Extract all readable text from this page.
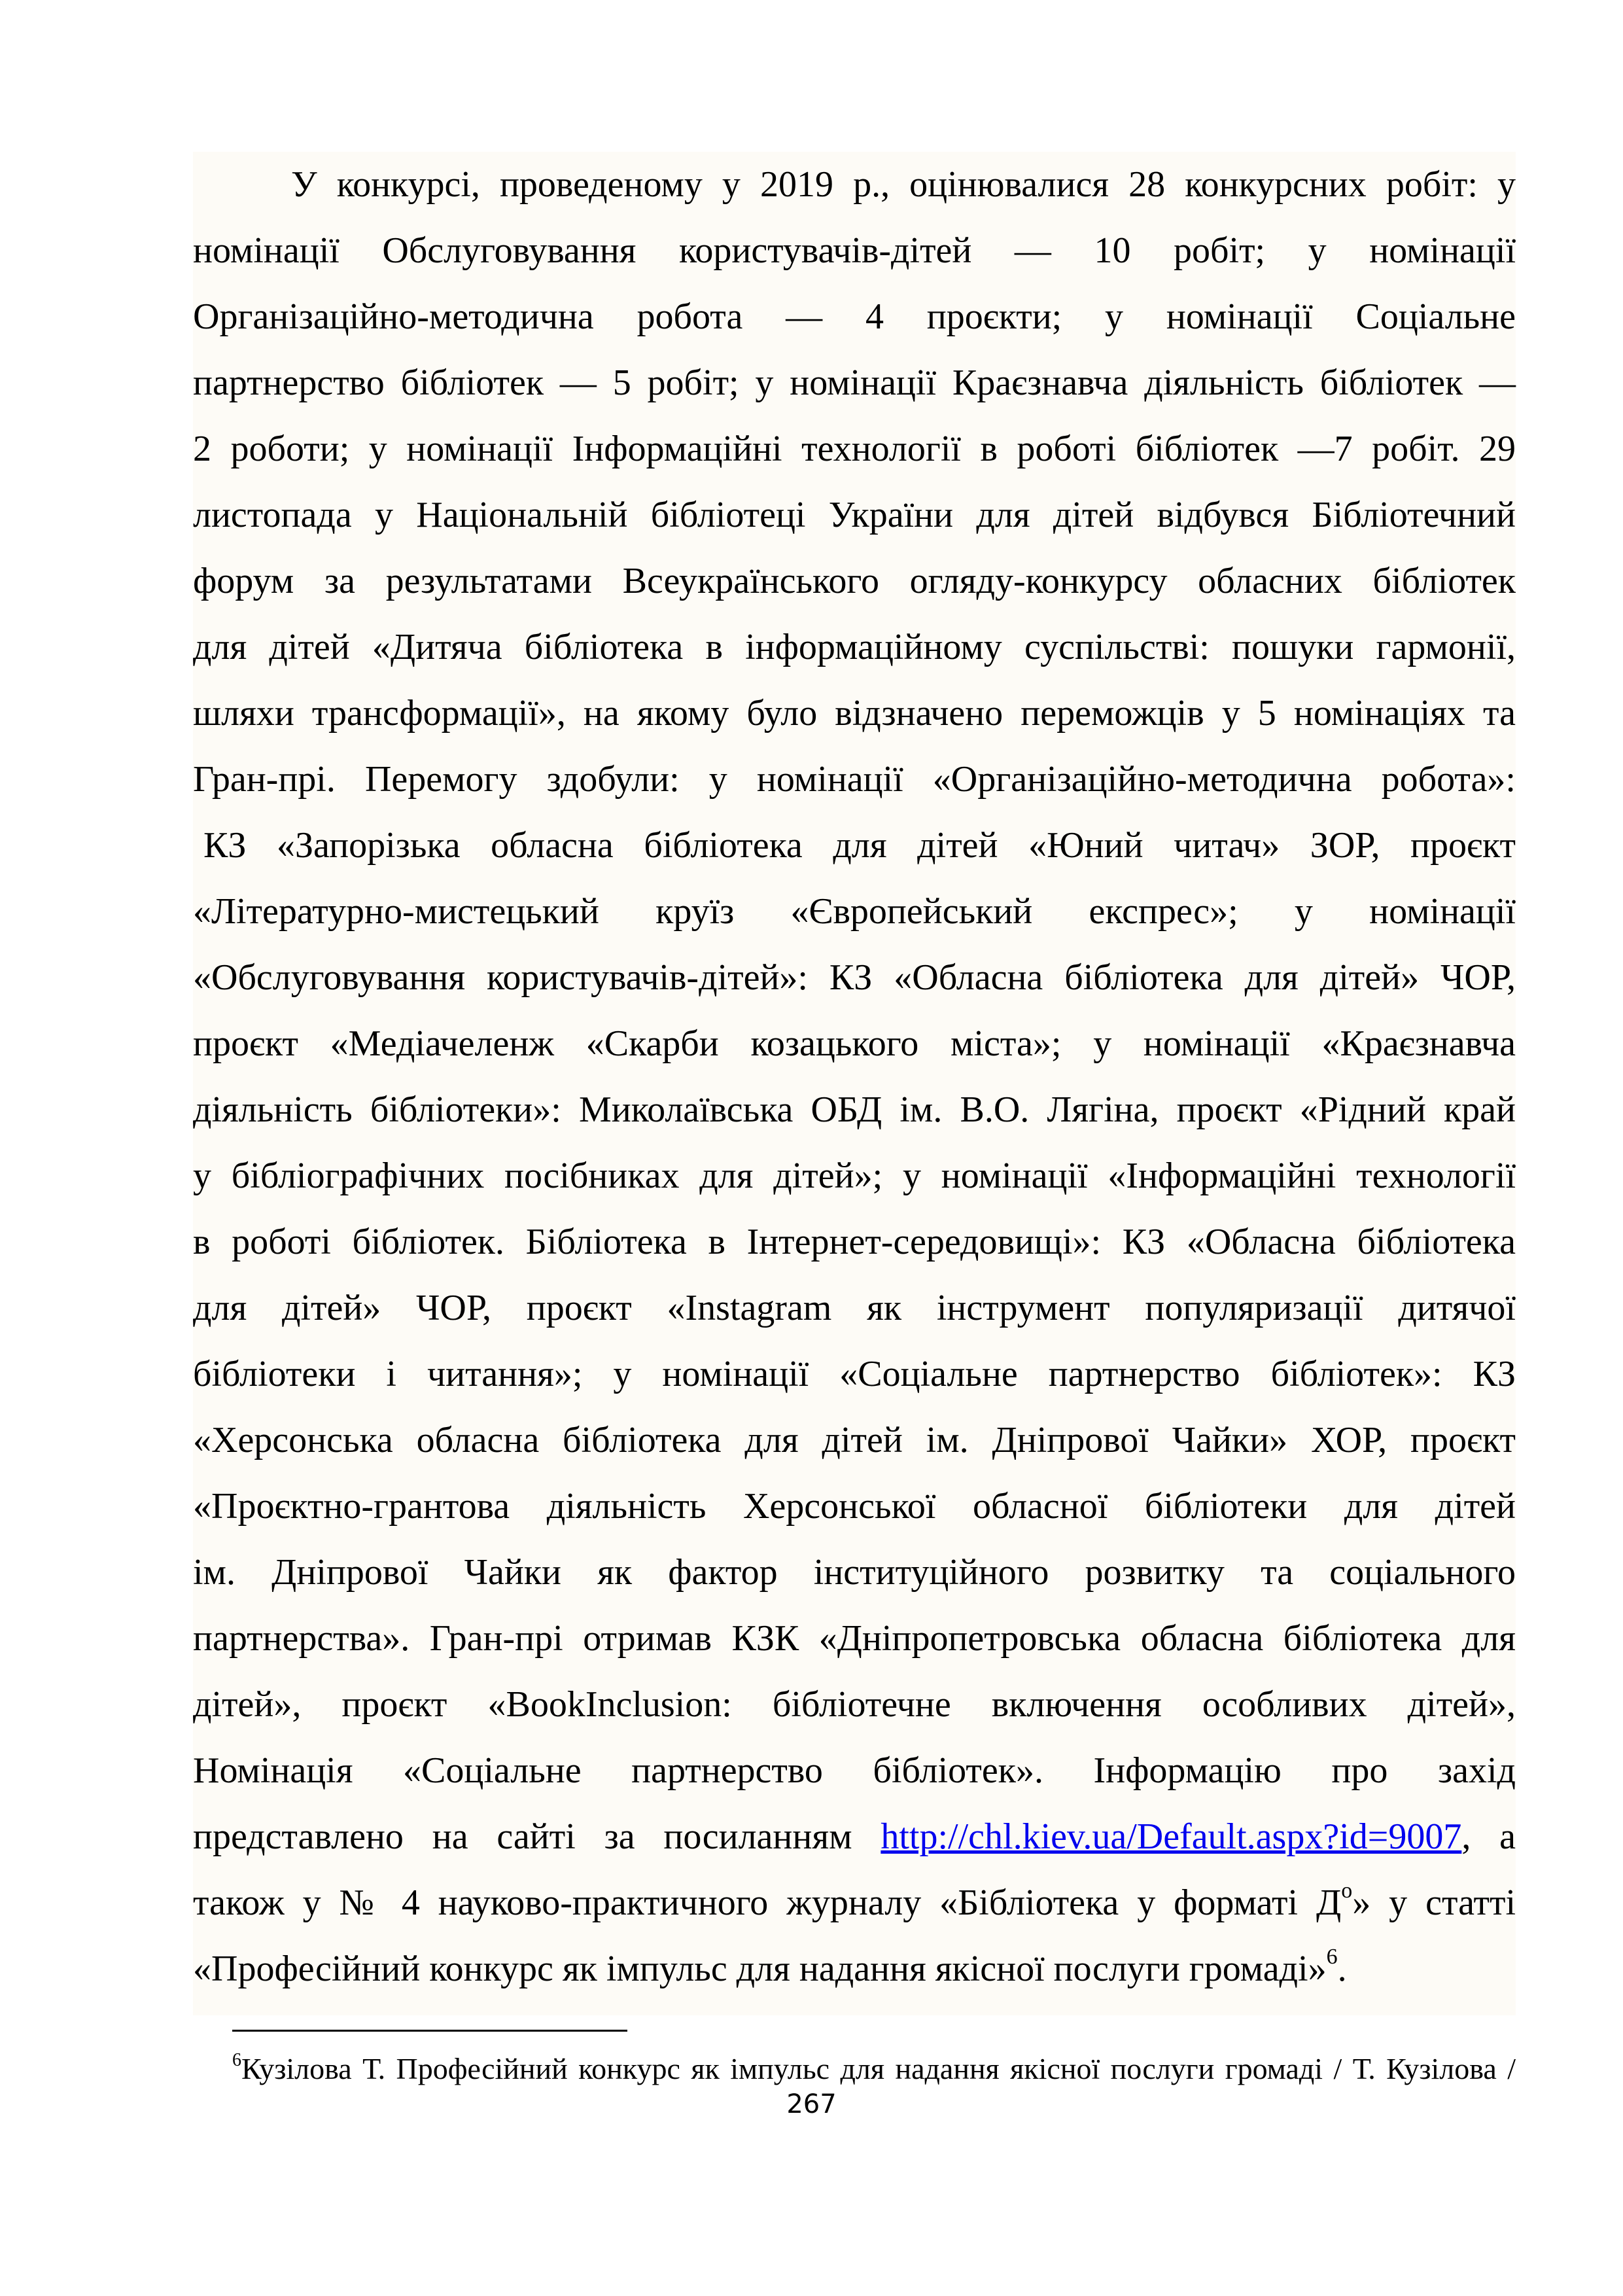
У конкурсі, проведеному у 2019 р., оцінювалися 28 конкурсних робіт: у
номінації Обслуговування користувачів-дітей — 10 робіт; у номінації
Організаційно-методична робота — 4 проєкти; у номінації Соціальне
партнерство бібліотек — 5 робіт; у номінації Краєзнавча діяльність бібліотек —
2 роботи; у номінації Інформаційні технології в роботі бібліотек —7 робіт. 29
листопада у Національній бібліотеці України для дітей відбувся Бібліотечний
форум за результатами Всеукраїнського огляду-конкурсу обласних бібліотек
для дітей «Дитяча бібліотека в інформаційному суспільстві: пошуки гармонії,
шляхи трансформації», на якому було відзначено переможців у 5 номінаціях та
Гран-прі. Перемогу здобули: у номінації «Організаційно-методична робота»:
КЗ «Запорізька обласна бібліотека для дітей «Юний читач» ЗОР, проєкт
«Літературно-мистецький круїз «Європейський експрес»; у номінації
«Обслуговування користувачів-дітей»: КЗ «Обласна бібліотека для дітей» ЧОР,
проєкт «Медіачеленж «Скарби козацького міста»; у номінації «Краєзнавча
діяльність бібліотеки»: Миколаївська ОБД ім. В.О. Лягіна, проєкт «Рідний край
у бібліографічних посібниках для дітей»; у номінації «Інформаційні технології
в роботі бібліотек. Бібліотека в Інтернет-середовищі»: КЗ «Обласна бібліотека
для дітей» ЧОР, проєкт «Instagram як інструмент популяризації дитячої
бібліотеки і читання»; у номінації «Соціальне партнерство бібліотек»: КЗ
«Херсонська обласна бібліотека для дітей ім. Дніпрової Чайки» ХОР, проєкт
«Проєктно-грантова діяльність Херсонської обласної бібліотеки для дітей
ім. Дніпрової Чайки як фактор інституційного розвитку та соціального
партнерства». Гран-прі отримав КЗК «Дніпропетровська обласна бібліотека для
дітей», проєкт «BookInclusion: бібліотечне включення особливих дітей»,
Номінація «Соціальне партнерство бібліотек». Інформацію про захід
представлено на сайті за посиланням http://chl.kiev.ua/Default.aspx?id=9007, а
також у № 4 науково-практичного журналу «Бібліотека у форматі $Д^о$» у статті
«Професійний конкурс як імпульс для надання якісної послуги громаді»$^6$.
$^6$Кузілова Т. Професійний конкурс як імпульс для надання якісної послуги громаді / Т. Кузілова /
267
